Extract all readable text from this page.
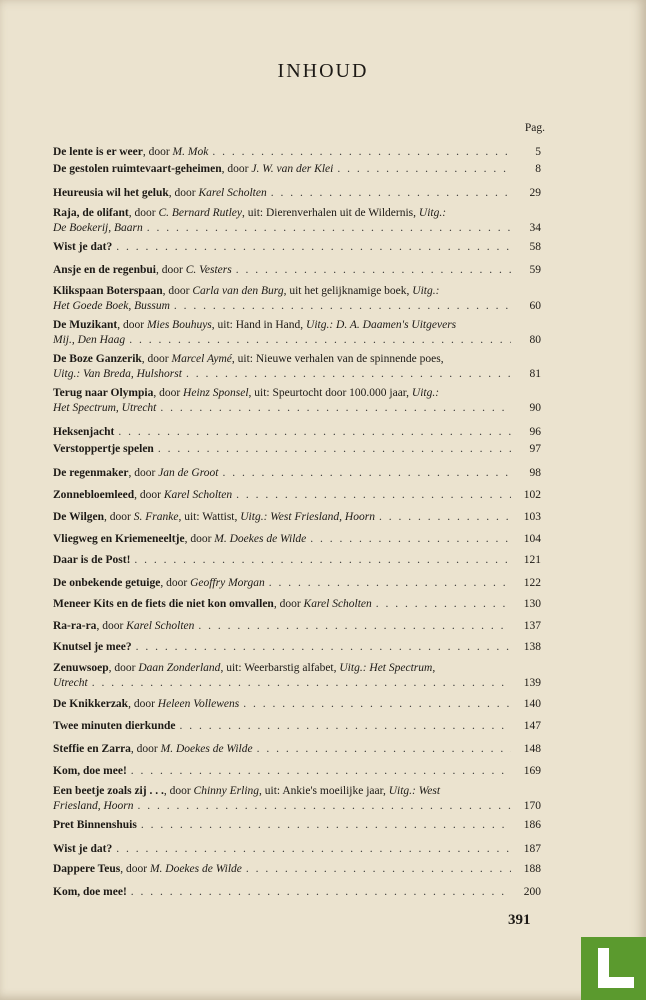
INHOUD
Pag.
De lente is er weer, door M. Mok . . .	5
De gestolen ruimtevaart-geheimen, door J. W. van der Klei . . .	8
Heureusia wil het geluk, door Karel Scholten . . .	29
Raja, de olifant, door C. Bernard Rutley, uit: Dierenverhalen uit de Wildernis, Uitg.:
De Boekerij, Baarn . . .	34
Wist je dat? . . .	58
Ansje en de regenbui, door C. Vesters . . .	59
Klikspaan Boterspaan, door Carla van den Burg, uit het gelijknamige boek, Uitg.:
Het Goede Boek, Bussum . . .	60
De Muzikant, door Mies Bouhuys, uit: Hand in Hand, Uitg.: D. A. Daamen's Uitgevers
Mij., Den Haag . . .	80
De Boze Ganzerik, door Marcel Aymé, uit: Nieuwe verhalen van de spinnende poes,
Uitg.: Van Breda, Hulshorst . . .	81
Terug naar Olympia, door Heinz Sponsel, uit: Speurtocht door 100.000 jaar, Uitg.:
Het Spectrum, Utrecht . . .	90
Heksenjacht . . .	96
Verstoppertje spelen . . .	97
De regenmaker, door Jan de Groot . . .	98
Zonnebloemleed, door Karel Scholten . . .	102
De Wilgen, door S. Franke, uit: Wattist, Uitg.: West Friesland, Hoorn . . .	103
Vliegweg en Kriemeneeltje, door M. Doekes de Wilde . . .	104
Daar is de Post! . . .	121
De onbekende getuige, door Geoffry Morgan . . .	122
Meneer Kits en de fiets die niet kon omvallen, door Karel Scholten . . .	130
Ra-ra-ra, door Karel Scholten . . .	137
Knutsel je mee? . . .	138
Zenuwsoep, door Daan Zonderland, uit: Weerbarstig alfabet, Uitg.: Het Spectrum,
Utrecht . . .	139
De Knikkerzak, door Heleen Vollewens . . .	140
Twee minuten dierkunde . . .	147
Steffie en Zarra, door M. Doekes de Wilde . . .	148
Kom, doe mee! . . .	169
Een beetje zoals zij . . ., door Chinny Erling, uit: Ankie's moeilijke jaar, Uitg.: West
Friesland, Hoorn . . .	170
Pret Binnenshuis . . .	186
Wist je dat? . . .	187
Dappere Teus, door M. Doekes de Wilde . . .	188
Kom, doe mee! . . .	200
391
